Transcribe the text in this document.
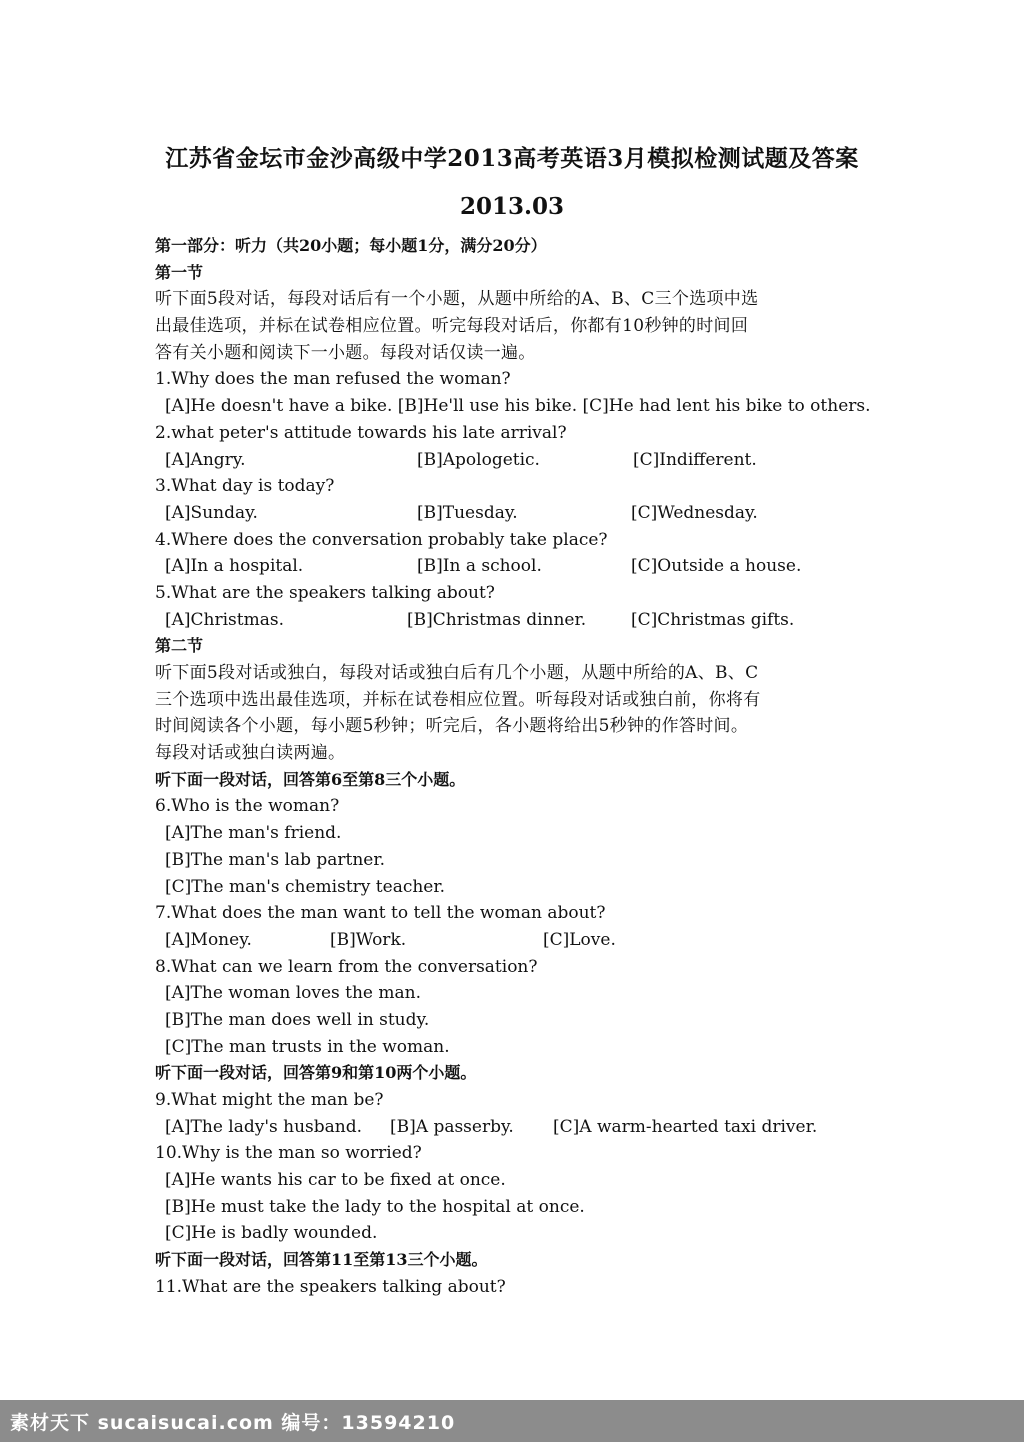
江苏省金坛市金沙高级中学2013高考英语3月模拟检测试题及答案
2013.03
第一部分：听力（共20小题；每小题1分，满分20分）
第一节
听下面5段对话，每段对话后有一个小题，从题中所给的A、B、C三个选项中选
出最佳选项，并标在试卷相应位置。听完每段对话后，你都有10秒钟的时间回
答有关小题和阅读下一小题。每段对话仅读一遍。
1.Why does the man refused the woman?
[A]He doesn't have a bike. [B]He'll use his bike. [C]He had lent his bike to others.
2.what peter's attitude towards his late arrival?
[A]Angry.	[B]Apologetic.	[C]Indifferent.
3.What day is today?
[A]Sunday.	[B]Tuesday.	[C]Wednesday.
4.Where does the conversation probably take place?
[A]In a hospital.	[B]In a school.	[C]Outside a house.
5.What are the speakers talking about?
[A]Christmas.	[B]Christmas dinner.	[C]Christmas gifts.
第二节
听下面5段对话或独白，每段对话或独白后有几个小题，从题中所给的A、B、C
三个选项中选出最佳选项，并标在试卷相应位置。听每段对话或独白前，你将有
时间阅读各个小题，每小题5秒钟；听完后，各小题将给出5秒钟的作答时间。
每段对话或独白读两遍。
听下面一段对话，回答第6至第8三个小题。
6.Who is the woman?
[A]The man's friend.
[B]The man's lab partner.
[C]The man's chemistry teacher.
7.What does the man want to tell the woman about?
[A]Money.	[B]Work.	[C]Love.
8.What can we learn from the conversation?
[A]The woman loves the man.
[B]The man does well in study.
[C]The man trusts in the woman.
听下面一段对话，回答第9和第10两个小题。
9.What might the man be?
[A]The lady's husband. [B]A passerby. [C]A warm-hearted taxi driver.
10.Why is the man so worried?
[A]He wants his car to be fixed at once.
[B]He must take the lady to the hospital at once.
[C]He is badly wounded.
听下面一段对话，回答第11至第13三个小题。
11.What are the speakers talking about?
素材天下 sucaisucai.com 编号：13594210
